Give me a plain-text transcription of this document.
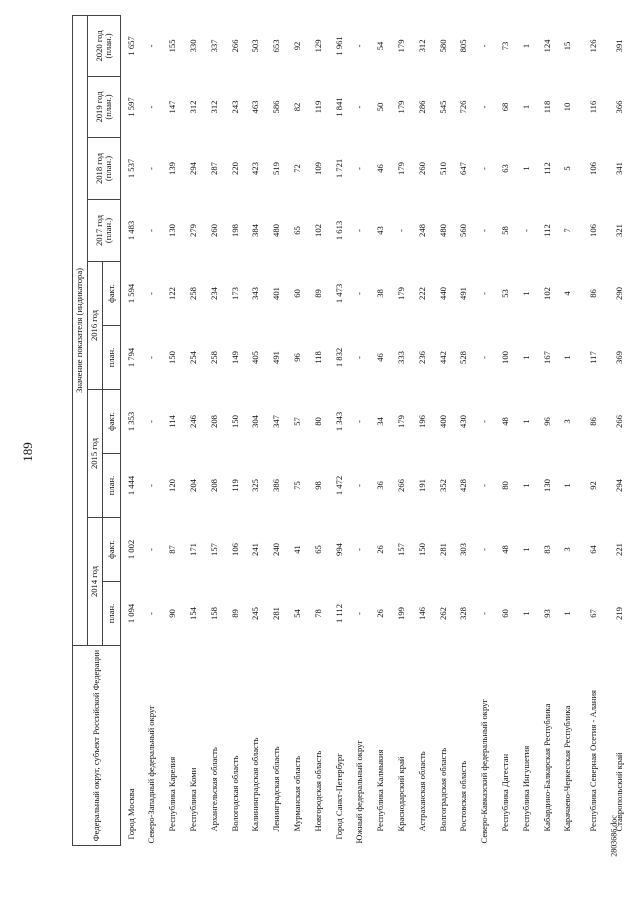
189
2803686.doc
Федеральный округ, субъект Российской Федерации	Значение показателя (индикатора)									
	2014 год		2015 год		2016 год		2017 год (план.)	2018 год (план.)	2019 год (план.)	2020 год (план.)
	план.	факт.	план.	факт.	план.	факт.				
Город Москва	1 094	1 002	1 444	1 353	1 794	1 594	1 483	1 537	1 597	1 657
Северо-Западный федеральный округ	-	-	-	-	-	-	-	-	-	-
Республика Карелия	90	87	120	114	150	122	130	139	147	155
Республика Коми	154	171	204	246	254	258	279	294	312	330
Архангельская область	158	157	208	208	258	234	260	287	312	337
Вологодская область	89	106	119	150	149	173	198	220	243	266
Калининградская область	245	241	325	304	405	343	384	423	463	503
Ленинградская область	281	240	386	347	491	401	480	519	586	653
Мурманская область	54	41	75	57	96	60	65	72	82	92
Новгородская область	78	65	98	80	118	89	102	109	119	129
Город Санкт-Петербург	1 112	994	1 472	1 343	1 832	1 473	1 613	1 721	1 841	1 961
Южный федеральный округ	-	-	-	-	-	-	-	-	-	-
Республика Калмыкия	26	26	36	34	46	38	43	46	50	54
Краснодарский край	199	157	266	179	333	179	-	179	179	179
Астраханская область	146	150	191	196	236	222	248	260	286	312
Волгоградская область	262	281	352	400	442	440	480	510	545	580
Ростовская область	328	303	428	430	528	491	560	647	726	805
Северо-Кавказский федеральный округ	-	-	-	-	-	-	-	-	-	-
Республика Дагестан	60	48	80	48	100	53	58	63	68	73
Республика Ингушетия	1	1	1	1	1	1	-	1	1	1
Кабардино-Балкарская Республика	93	83	130	96	167	102	112	112	118	124
Карачаево-Черкесская Республика	1	3	1	3	1	4	7	5	10	15
Республика Северная Осетия - Алания	67	64	92	86	117	86	106	106	116	126
Ставропольский край	219	221	294	266	369	290	321	341	366	391
